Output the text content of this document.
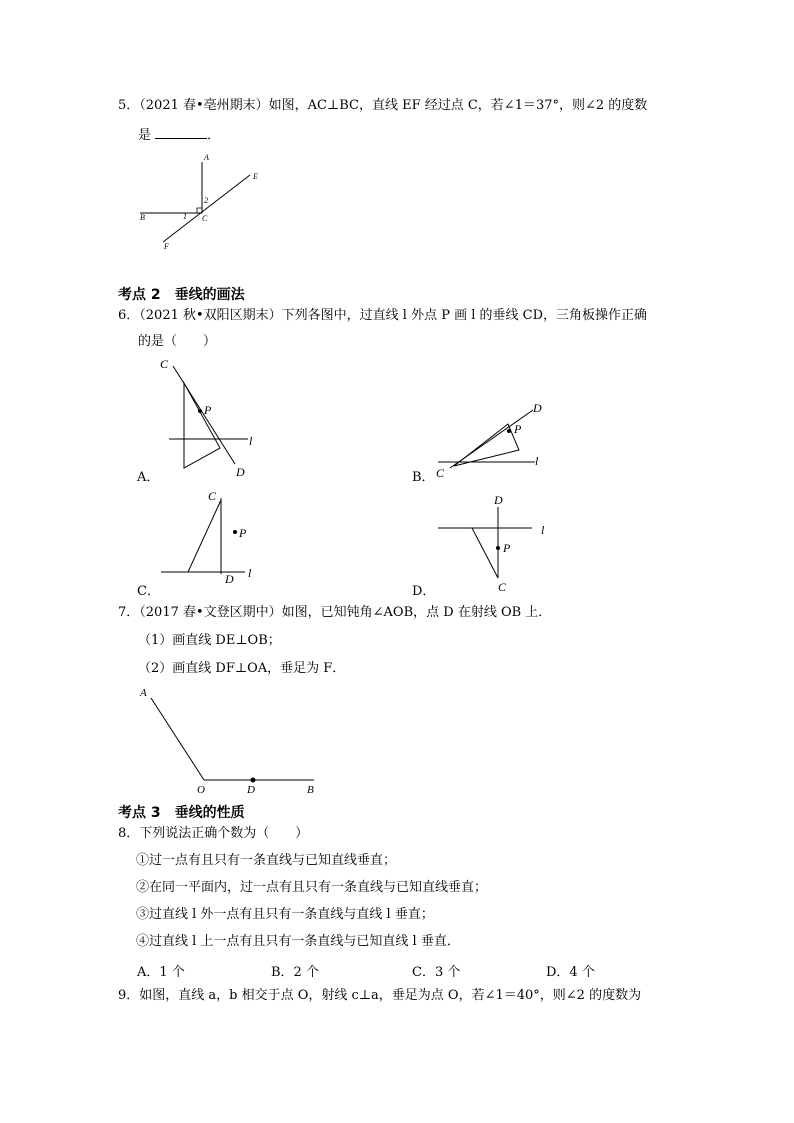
5．（2021 春•亳州期末）如图，AC⊥BC，直线 EF 经过点 C，若∠1＝37°，则∠2 的度数
是	．
A
B	C
E
F
1
2
考点 2　垂线的画法
6．（2021 秋•双阳区期末）下列各图中，过直线 l 外点 P 画 l 的垂线 CD，三角板操作正确
的是（　　）
C
P
l
D
A．	C
P
l
D
B．
C
P
l
D
C．
D
P
l
C
D．
7．（2017 春•文登区期中）如图，已知钝角∠AOB，点 D 在射线 OB 上．
（1）画直线 DE⊥OB；
（2）画直线 DF⊥OA，垂足为 F．
A
O	D	B
考点 3　垂线的性质
8．下列说法正确个数为（　　）
①过一点有且只有一条直线与已知直线垂直；
②在同一平面内，过一点有且只有一条直线与已知直线垂直；
③过直线 l 外一点有且只有一条直线与直线 l 垂直；
④过直线 l 上一点有且只有一条直线与已知直线 l 垂直．
A．1 个	B．2 个	C．3 个	D．4 个
9．如图，直线 a，b 相交于点 O，射线 c⊥a，垂足为点 O，若∠1＝40°，则∠2 的度数为
